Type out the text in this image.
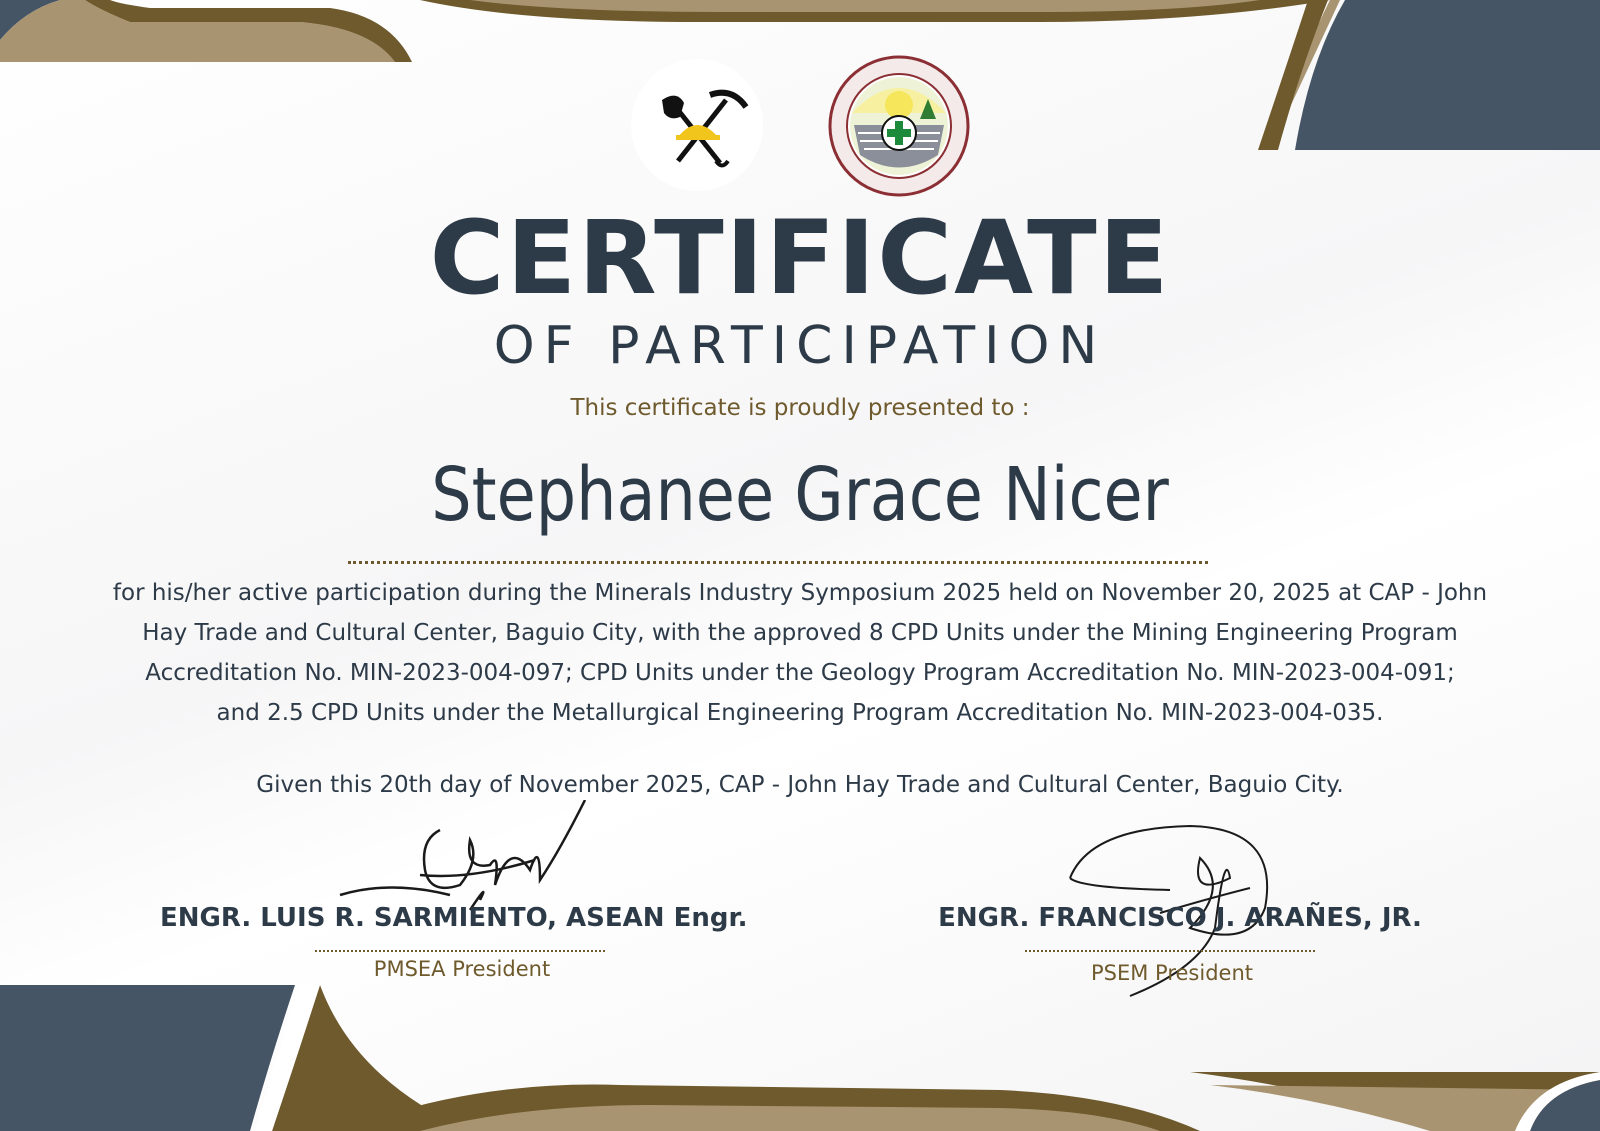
CERTIFICATE
OF PARTICIPATION
This certificate is proudly presented to :
Stephanee Grace Nicer
for his/her active participation during the Minerals Industry Symposium 2025 held on November 20, 2025 at CAP - John
Hay Trade and Cultural Center, Baguio City, with the approved 8 CPD Units under the Mining Engineering Program
Accreditation No. MIN-2023-004-097; CPD Units under the Geology Program Accreditation No. MIN-2023-004-091;
and 2.5 CPD Units under the Metallurgical Engineering Program Accreditation No. MIN-2023-004-035.
Given this 20th day of November 2025, CAP - John Hay Trade and Cultural Center, Baguio City.
ENGR. LUIS R. SARMIENTO, ASEAN Engr.
PMSEA President
ENGR. FRANCISCO J. ARAÑES, JR.
PSEM President
